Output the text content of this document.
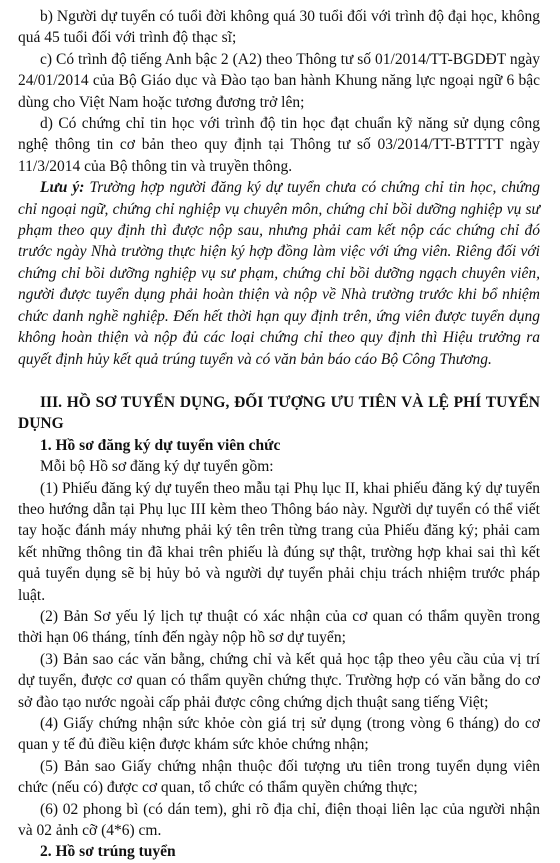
b) Người dự tuyển có tuổi đời không quá 30 tuổi đối với trình độ đại học, không quá 45 tuổi đối với trình độ thạc sĩ;

c) Có trình độ tiếng Anh bậc 2 (A2) theo Thông tư số 01/2014/TT-BGDĐT ngày 24/01/2014 của Bộ Giáo dục và Đào tạo ban hành Khung năng lực ngoại ngữ 6 bậc dùng cho Việt Nam hoặc tương đương trở lên;

d) Có chứng chỉ tin học với trình độ tin học đạt chuẩn kỹ năng sử dụng công nghệ thông tin cơ bản theo quy định tại Thông tư số 03/2014/TT-BTTTT ngày 11/3/2014 của Bộ thông tin và truyền thông.

Lưu ý: Trường hợp người đăng ký dự tuyển chưa có chứng chỉ tin học, chứng chỉ ngoại ngữ, chứng chỉ nghiệp vụ chuyên môn, chứng chỉ bồi dưỡng nghiệp vụ sư phạm theo quy định thì được nộp sau, nhưng phải cam kết nộp các chứng chỉ đó trước ngày Nhà trường thực hiện ký hợp đồng làm việc với ứng viên. Riêng đối với chứng chỉ bồi dưỡng nghiệp vụ sư phạm, chứng chỉ bồi dưỡng ngạch chuyên viên, người được tuyển dụng phải hoàn thiện và nộp về Nhà trường trước khi bổ nhiệm chức danh nghề nghiệp. Đến hết thời hạn quy định trên, ứng viên được tuyển dụng không hoàn thiện và nộp đủ các loại chứng chỉ theo quy định thì Hiệu trưởng ra quyết định hủy kết quả trúng tuyển và có văn bản báo cáo Bộ Công Thương.

III. HỒ SƠ TUYỂN DỤNG, ĐỐI TƯỢNG ƯU TIÊN VÀ LỆ PHÍ TUYỂN DỤNG
1. Hồ sơ đăng ký dự tuyển viên chức

Mỗi bộ Hồ sơ đăng ký dự tuyển gồm:

(1) Phiếu đăng ký dự tuyển theo mẫu tại Phụ lục II, khai phiếu đăng ký dự tuyển theo hướng dẫn tại Phụ lục III kèm theo Thông báo này. Người dự tuyển có thể viết tay hoặc đánh máy nhưng phải ký tên trên từng trang của Phiếu đăng ký; phải cam kết những thông tin đã khai trên phiếu là đúng sự thật, trường hợp khai sai thì kết quả tuyển dụng sẽ bị hủy bỏ và người dự tuyển phải chịu trách nhiệm trước pháp luật.

(2) Bản Sơ yếu lý lịch tự thuật có xác nhận của cơ quan có thẩm quyền trong thời hạn 06 tháng, tính đến ngày nộp hồ sơ dự tuyển;

(3) Bản sao các văn bằng, chứng chỉ và kết quả học tập theo yêu cầu của vị trí dự tuyển, được cơ quan có thẩm quyền chứng thực. Trường hợp có văn bằng do cơ sở đào tạo nước ngoài cấp phải được công chứng dịch thuật sang tiếng Việt;

(4) Giấy chứng nhận sức khỏe còn giá trị sử dụng (trong vòng 6 tháng) do cơ quan y tế đủ điều kiện được khám sức khỏe chứng nhận;

(5) Bản sao Giấy chứng nhận thuộc đối tượng ưu tiên trong tuyển dụng viên chức (nếu có) được cơ quan, tổ chức có thẩm quyền chứng thực;

(6) 02 phong bì (có dán tem), ghi rõ địa chỉ, điện thoại liên lạc của người nhận và 02 ảnh cỡ (4*6) cm.

2. Hồ sơ trúng tuyển
